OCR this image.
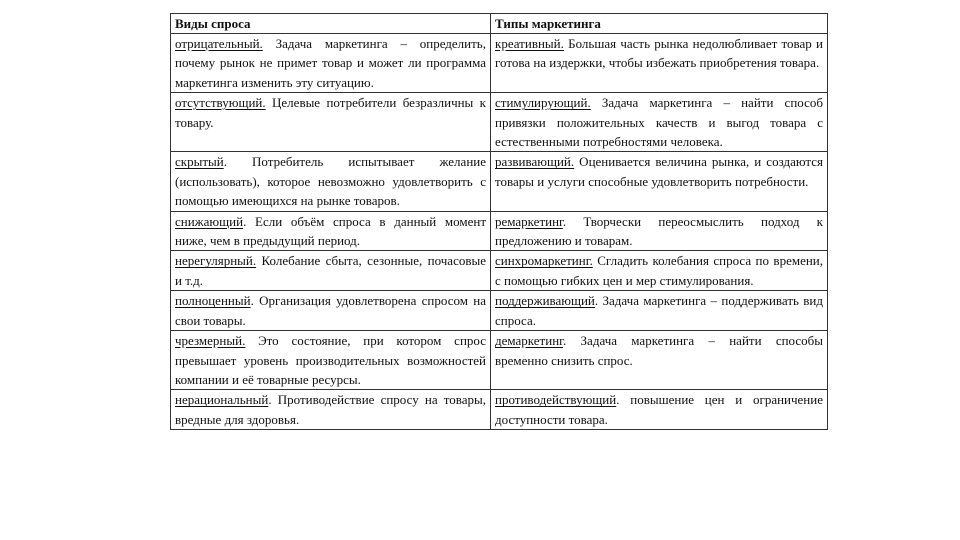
Виды спроса	Типы маркетинга
отрицательный. Задача маркетинга – определить, почему рынок не примет товар и может ли программа маркетинга изменить эту ситуацию.	креативный. Большая часть рынка недолюбливает товар и готова на издержки, чтобы избежать приобретения товара.
отсутствующий. Целевые потребители безразличны к товару.	стимулирующий. Задача маркетинга – найти способ привязки положительных качеств и выгод товара с естественными потребностями человека.
скрытый. Потребитель испытывает желание (использовать), которое невозможно удовлетворить с помощью имеющихся на рынке товаров.	развивающий. Оценивается величина рынка, и создаются товары и услуги способные удовлетворить потребности.
снижающий. Если объём спроса в данный момент ниже, чем в предыдущий период.	ремаркетинг. Творчески переосмыслить подход к предложению и товарам.
нерегулярный. Колебание сбыта, сезонные, почасовые и т.д.	синхромаркетинг. Сгладить колебания спроса по времени, с помощью гибких цен и мер стимулирования.
полноценный. Организация удовлетворена спросом на свои товары.	поддерживающий. Задача маркетинга – поддерживать вид спроса.
чрезмерный. Это состояние, при котором спрос превышает уровень производительных возможностей компании и её товарные ресурсы.	демаркетинг. Задача маркетинга – найти способы временно снизить спрос.
нерациональный. Противодействие спросу на товары, вредные для здоровья.	противодействующий. повышение цен и ограничение доступности товара.
